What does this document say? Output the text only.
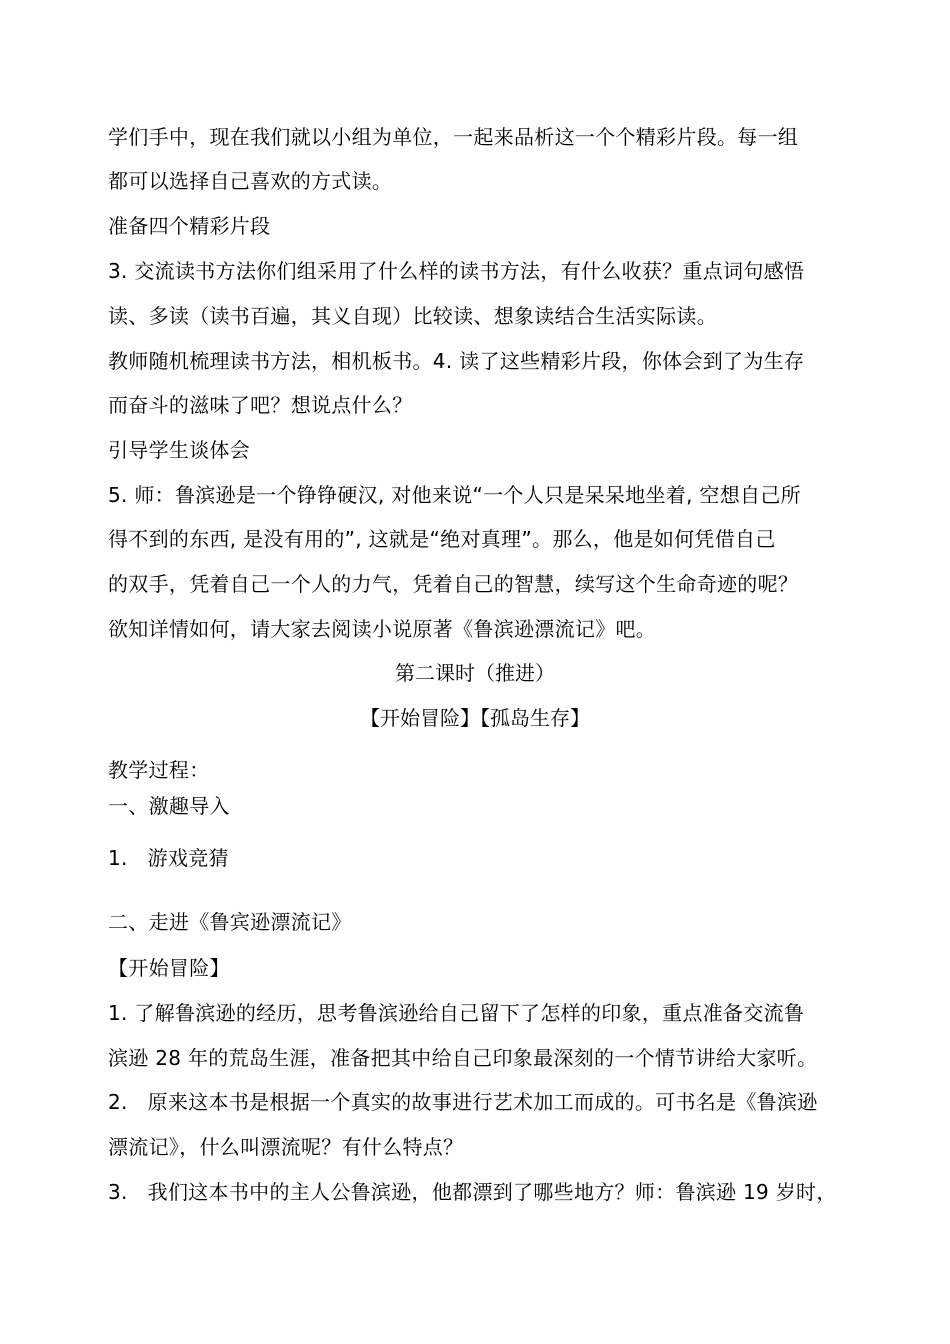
学们手中，现在我们就以小组为单位，一起来品析这一个个精彩片段。每一组
都可以选择自己喜欢的方式读。
准备四个精彩片段
3. 交流读书方法你们组采用了什么样的读书方法，有什么收获？重点词句感悟
读、多读（读书百遍，其义自现）比较读、想象读结合生活实际读。
教师随机梳理读书方法，相机板书。4. 读了这些精彩片段，你体会到了为生存
而奋斗的滋味了吧？想说点什么？
引导学生谈体会
5. 师：鲁滨逊是一个铮铮硬汉, 对他来说“一个人只是呆呆地坐着, 空想自己所
得不到的东西, 是没有用的”, 这就是“绝对真理”。那么，他是如何凭借自己
的双手，凭着自己一个人的力气，凭着自己的智慧，续写这个生命奇迹的呢？
欲知详情如何，请大家去阅读小说原著《鲁滨逊漂流记》吧。
第二课时（推进）
【开始冒险】【孤岛生存】
教学过程：
一、激趣导入
1.   游戏竞猜
二、走进《鲁宾逊漂流记》
【开始冒险】
1. 了解鲁滨逊的经历，思考鲁滨逊给自己留下了怎样的印象，重点准备交流鲁
滨逊 28 年的荒岛生涯，准备把其中给自己印象最深刻的一个情节讲给大家听。
2.   原来这本书是根据一个真实的故事进行艺术加工而成的。可书名是《鲁滨逊
漂流记》，什么叫漂流呢？有什么特点？
3.   我们这本书中的主人公鲁滨逊，他都漂到了哪些地方？师：鲁滨逊 19 岁时，
